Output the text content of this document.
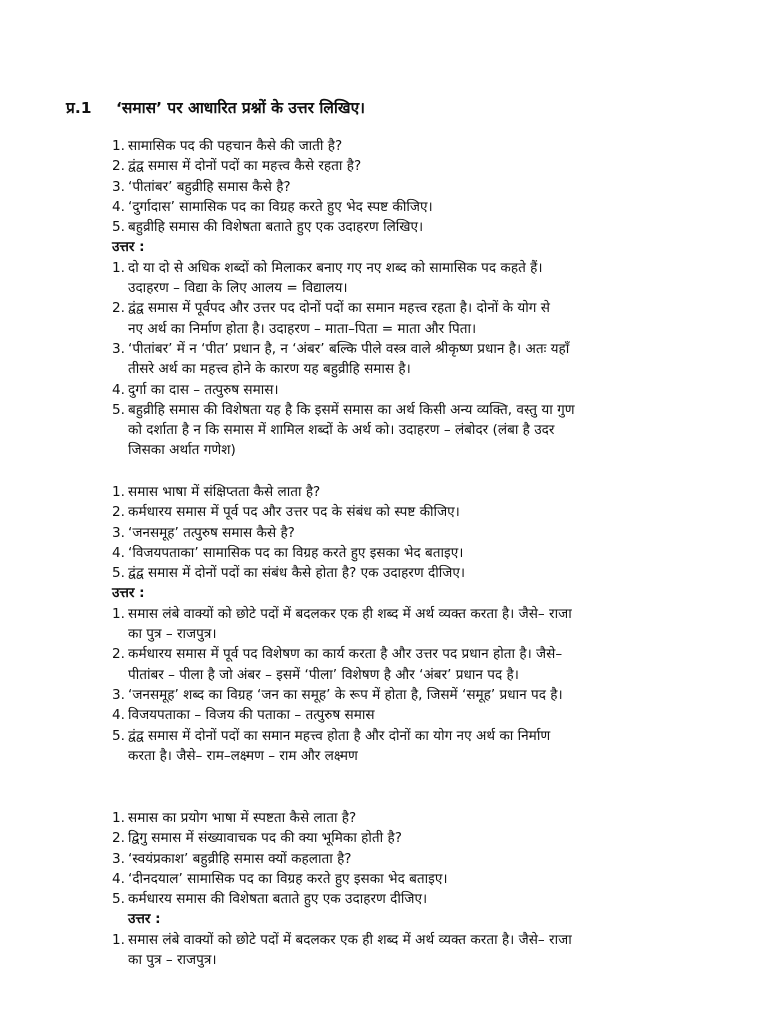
प्र.1 ‘समास’ पर आधारित प्रश्नों के उत्तर लिखिए।
1. सामासिक पद की पहचान कैसे की जाती है?
2. द्वंद्व समास में दोनों पदों का महत्त्व कैसे रहता है?
3. ‘पीतांबर’ बहुव्रीहि समास कैसे है?
4. ‘दुर्गादास’ सामासिक पद का विग्रह करते हुए भेद स्पष्ट कीजिए।
5. बहुव्रीहि समास की विशेषता बताते हुए एक उदाहरण लिखिए।
उत्तर :
1. दो या दो से अधिक शब्दों को मिलाकर बनाए गए नए शब्द को सामासिक पद कहते हैं।
उदाहरण – विद्या के लिए आलय = विद्यालय।
2. द्वंद्व समास में पूर्वपद और उत्तर पद दोनों पदों का समान महत्त्व रहता है। दोनों के योग से
नए अर्थ का निर्माण होता है। उदाहरण – माता–पिता = माता और पिता।
3. ‘पीतांबर’ में न ‘पीत’ प्रधान है, न ‘अंबर’ बल्कि पीले वस्त्र वाले श्रीकृष्ण प्रधान है। अतः यहाँ
तीसरे अर्थ का महत्त्व होने के कारण यह बहुव्रीहि समास है।
4. दुर्गा का दास – तत्पुरुष समास।
5. बहुव्रीहि समास की विशेषता यह है कि इसमें समास का अर्थ किसी अन्य व्यक्ति, वस्तु या गुण
को दर्शाता है न कि समास में शामिल शब्दों के अर्थ को। उदाहरण – लंबोदर (लंबा है उदर
जिसका अर्थात गणेश)
1. समास भाषा में संक्षिप्तता कैसे लाता है?
2. कर्मधारय समास में पूर्व पद और उत्तर पद के संबंध को स्पष्ट कीजिए।
3. ‘जनसमूह’ तत्पुरुष समास कैसे है?
4. ‘विजयपताका’ सामासिक पद का विग्रह करते हुए इसका भेद बताइए।
5. द्वंद्व समास में दोनों पदों का संबंध कैसे होता है? एक उदाहरण दीजिए।
उत्तर :
1. समास लंबे वाक्यों को छोटे पदों में बदलकर एक ही शब्द में अर्थ व्यक्त करता है। जैसे– राजा
का पुत्र – राजपुत्र।
2. कर्मधारय समास में पूर्व पद विशेषण का कार्य करता है और उत्तर पद प्रधान होता है। जैसे–
पीतांबर – पीला है जो अंबर – इसमें ‘पीला’ विशेषण है और ‘अंबर’ प्रधान पद है।
3. ‘जनसमूह’ शब्द का विग्रह ‘जन का समूह’ के रूप में होता है, जिसमें ‘समूह’ प्रधान पद है।
4. विजयपताका – विजय की पताका – तत्पुरुष समास
5. द्वंद्व समास में दोनों पदों का समान महत्त्व होता है और दोनों का योग नए अर्थ का निर्माण
करता है। जैसे– राम–लक्ष्मण – राम और लक्ष्मण
1. समास का प्रयोग भाषा में स्पष्टता कैसे लाता है?
2. द्विगु समास में संख्यावाचक पद की क्या भूमिका होती है?
3. ‘स्वयंप्रकाश’ बहुव्रीहि समास क्यों कहलाता है?
4. ‘दीनदयाल’ सामासिक पद का विग्रह करते हुए इसका भेद बताइए।
5. कर्मधारय समास की विशेषता बताते हुए एक उदाहरण दीजिए।
उत्तर :
1. समास लंबे वाक्यों को छोटे पदों में बदलकर एक ही शब्द में अर्थ व्यक्त करता है। जैसे– राजा
का पुत्र – राजपुत्र।
